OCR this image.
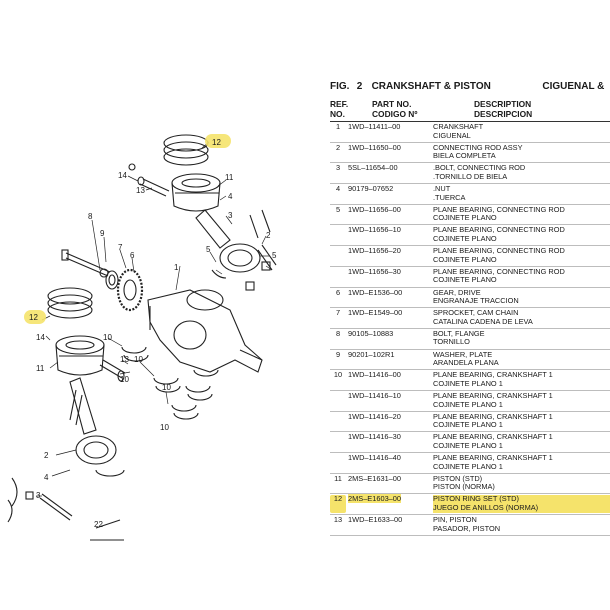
12
12
14
13
11
4
3
2
5
5
1
8
9
7
6
14
11
10
13 10
10
10
10
2
4
3
22
FIG. 2 CRANKSHAFT & PISTON	CIGUENAL &
REF.	PART NO.	DESCRIPTION
NO.	CODIGO Nº	DESCRIPCION
1	1WD–11411–00	CRANKSHAFT
CIGUENAL
2	1WD–11650–00	CONNECTING ROD ASSY
BIELA COMPLETA
3	5SL–11654–00	.BOLT, CONNECTING ROD
.TORNILLO DE BIELA
4	90179–07652	.NUT
.TUERCA
5	1WD–11656–00	PLANE BEARING, CONNECTING ROD
COJINETE PLANO
1WD–11656–10	PLANE BEARING, CONNECTING ROD
COJINETE PLANO
1WD–11656–20	PLANE BEARING, CONNECTING ROD
COJINETE PLANO
1WD–11656–30	PLANE BEARING, CONNECTING ROD
COJINETE PLANO
6	1WD–E1536–00	GEAR, DRIVE
ENGRANAJE TRACCION
7	1WD–E1549–00	SPROCKET, CAM CHAIN
CATALINA CADENA DE LEVA
8	90105–10883	BOLT, FLANGE
TORNILLO
9	90201–102R1	WASHER, PLATE
ARANDELA PLANA
10 1WD–11416–00	PLANE BEARING, CRANKSHAFT 1
COJINETE PLANO 1
1WD–11416–10	PLANE BEARING, CRANKSHAFT 1
COJINETE PLANO 1
1WD–11416–20	PLANE BEARING, CRANKSHAFT 1
COJINETE PLANO 1
1WD–11416–30	PLANE BEARING, CRANKSHAFT 1
COJINETE PLANO 1
1WD–11416–40	PLANE BEARING, CRANKSHAFT 1
COJINETE PLANO 1
11 2MS–E1631–00	PISTON (STD)
PISTON (NORMA)
12 2MS–E1603–00	PISTON RING SET (STD)
JUEGO DE ANILLOS (NORMA)
13 1WD–E1633–00	PIN, PISTON
PASADOR, PISTON
